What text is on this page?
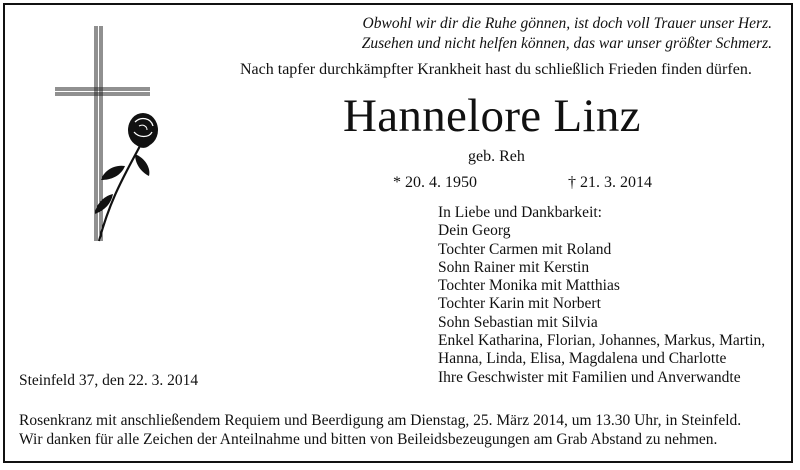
Obwohl wir dir die Ruhe gönnen, ist doch voll Trauer unser Herz.
Zusehen und nicht helfen können, das war unser größter Schmerz.
Nach tapfer durchkämpfter Krankheit hast du schließlich Frieden finden dürfen.
Hannelore Linz
geb. Reh
* 20. 4. 1950	† 21. 3. 2014
In Liebe und Dankbarkeit:
Dein Georg
Tochter Carmen mit Roland
Sohn Rainer mit Kerstin
Tochter Monika mit Matthias
Tochter Karin mit Norbert
Sohn Sebastian mit Silvia
Enkel Katharina, Florian, Johannes, Markus, Martin,
Hanna, Linda, Elisa, Magdalena und Charlotte
Ihre Geschwister mit Familien und Anverwandte
Steinfeld 37, den 22. 3. 2014
Rosenkranz mit anschließendem Requiem und Beerdigung am Dienstag, 25. März 2014, um 13.30 Uhr, in Steinfeld.
Wir danken für alle Zeichen der Anteilnahme und bitten von Beileidsbezeugungen am Grab Abstand zu nehmen.
